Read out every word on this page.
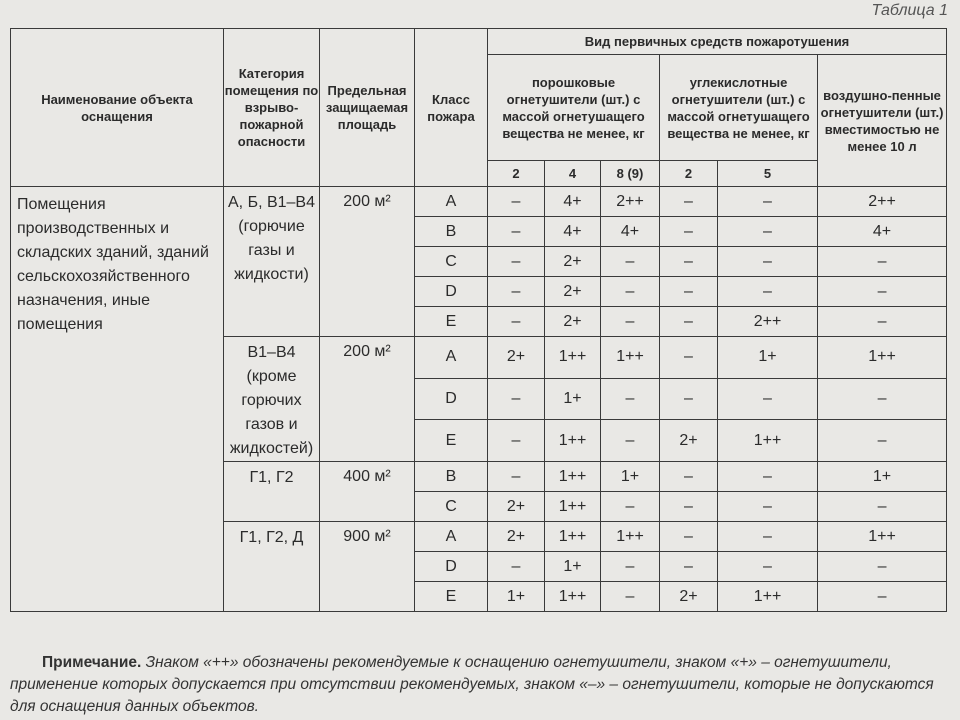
Таблица 1
Наименование объекта оснащения	Категория помещения по взрыво-пожарной опасности	Предельная защищаемая площадь	Класс пожара	Вид первичных средств пожаротушения					
				порошковые огнетушители (шт.) с массой огнетушащего вещества не менее, кг			углекислотные огнетушители (шт.) с массой огнетушащего вещества не менее, кг		воздушно-пенные огнетушители (шт.) вместимостью не менее 10 л
				2	4	8 (9)	2	5	
Помещения производственных и складских зданий, зданий сельскохозяйственного назначения, иные помещения	А, Б, В1–В4 (горючие газы и жидкости)	200 м²	А	–	4+	2++	–	–	2++
			В	–	4+	4+	–	–	4+
			С	–	2+	–	–	–	–
			D	–	2+	–	–	–	–
			Е	–	2+	–	–	2++	–
	В1–В4 (кроме горючих газов и жидкостей)	200 м²	А	2+	1++	1++	–	1+	1++
			D	–	1+	–	–	–	–
			Е	–	1++	–	2+	1++	–
	Г1, Г2	400 м²	В	–	1++	1+	–	–	1+
			С	2+	1++	–	–	–	–
	Г1, Г2, Д	900 м²	А	2+	1++	1++	–	–	1++
			D	–	1+	–	–	–	–
			Е	1+	1++	–	2+	1++	–
Примечание. Знаком «++» обозначены рекомендуемые к оснащению огнетушители, знаком «+» – огнетушители, применение которых допускается при отсутствии рекомендуемых, знаком «–» – огнетушители, которые не допускаются для оснащения данных объектов.
